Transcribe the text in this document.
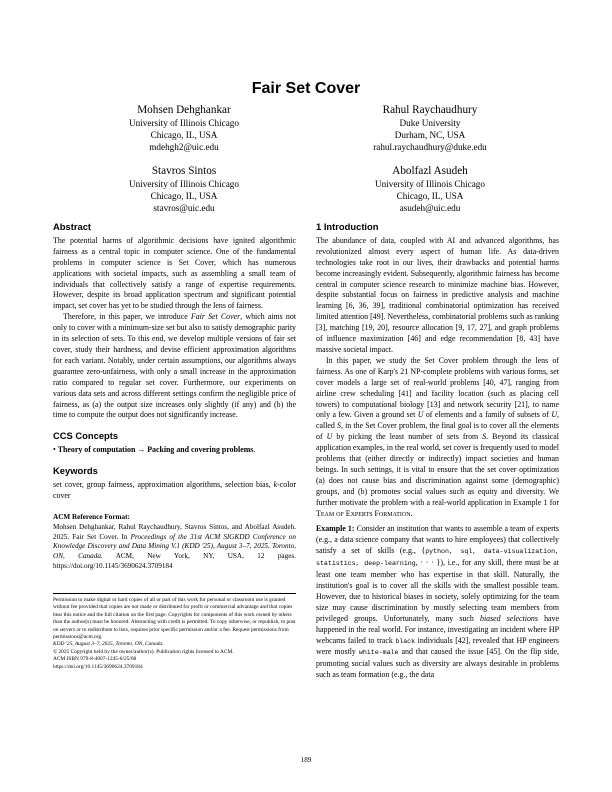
Fair Set Cover
Mohsen Dehghankar
University of Illinois Chicago
Chicago, IL, USA
mdehgh2@uic.edu
Rahul Raychaudhury
Duke University
Durham, NC, USA
rahul.raychaudhury@duke.edu
Stavros Sintos
University of Illinois Chicago
Chicago, IL, USA
stavros@uic.edu
Abolfazl Asudeh
University of Illinois Chicago
Chicago, IL, USA
asudeh@uic.edu

Abstract

The potential harms of algorithmic decisions have ignited algorithmic fairness as a central topic in computer science. One of the fundamental problems in computer science is Set Cover, which has numerous applications with societal impacts, such as assembling a small team of individuals that collectively satisfy a range of expertise requirements. However, despite its broad application spectrum and significant potential impact, set cover has yet to be studied through the lens of fairness.

Therefore, in this paper, we introduce Fair Set Cover, which aims not only to cover with a minimum-size set but also to satisfy demographic parity in its selection of sets. To this end, we develop multiple versions of fair set cover, study their hardness, and devise efficient approximation algorithms for each variant. Notably, under certain assumptions, our algorithms always guarantee zero-unfairness, with only a small increase in the approximation ratio compared to regular set cover. Furthermore, our experiments on various data sets and across different settings confirm the negligible price of fairness, as (a) the output size increases only slightly (if any) and (b) the time to compute the output does not significantly increase.

CCS Concepts

• Theory of computation → Packing and covering problems.

Keywords

set cover, group fairness, approximation algorithms, selection bias, k-color cover

ACM Reference Format:

Mohsen Dehghankar, Rahul Raychaudhury, Stavros Sintos, and Abolfazl Asudeh. 2025. Fair Set Cover. In Proceedings of the 31st ACM SIGKDD Conference on Knowledge Discovery and Data Mining V.1 (KDD '25), August 3–7, 2025, Toronto, ON, Canada. ACM, New York, NY, USA, 12 pages. https://doi.org/10.1145/3690624.3709184

Permission to make digital or hard copies of all or part of this work for personal or classroom use is granted without fee provided that copies are not made or distributed for profit or commercial advantage and that copies bear this notice and the full citation on the first page. Copyrights for components of this work owned by others than the author(s) must be honored. Abstracting with credit is permitted. To copy otherwise, or republish, to post on servers or to redistribute to lists, requires prior specific permission and/or a fee. Request permissions from permissions@acm.org.
KDD '25, August 3–7, 2025, Toronto, ON, Canada.
© 2025 Copyright held by the owner/author(s). Publication rights licensed to ACM.
ACM ISBN 979-8-4007-1245-6/25/08
https://doi.org/10.1145/3690624.3709184

1 Introduction

The abundance of data, coupled with AI and advanced algorithms, has revolutionized almost every aspect of human life. As data-driven technologies take root in our lives, their drawbacks and potential harms become increasingly evident. Subsequently, algorithmic fairness has become central in computer science research to minimize machine bias. However, despite substantial focus on fairness in predictive analysis and machine learning [6, 36, 39], traditional combinatorial optimization has received limited attention [49]. Nevertheless, combinatorial problems such as ranking [3], matching [19, 20], resource allocation [9, 17, 27], and graph problems of influence maximization [46] and edge recommendation [8, 43] have massive societal impact.

In this paper, we study the Set Cover problem through the lens of fairness. As one of Karp's 21 NP-complete problems with various forms, set cover models a large set of real-world problems [40, 47], ranging from airline crew scheduling [41] and facility location (such as placing cell towers) to computational biology [13] and network security [21], to name only a few. Given a ground set U of elements and a family of subsets of U, called S, in the Set Cover problem, the final goal is to cover all the elements of U by picking the least number of sets from S. Beyond its classical application examples, in the real world, set cover is frequently used to model problems that (either directly or indirectly) impact societies and human beings. In such settings, it is vital to ensure that the set cover optimization (a) does not cause bias and discrimination against some (demographic) groups, and (b) promotes social values such as equity and diversity. We further motivate the problem with a real-world application in Example 1 for Team of Experts Formation.

Example 1: Consider an institution that wants to assemble a team of experts (e.g., a data science company that wants to hire employees) that collectively satisfy a set of skills (e.g., {python, sql, data-visualization, statistics, deep-learning, · · · }), i.e., for any skill, there must be at least one team member who has expertise in that skill. Naturally, the institution's goal is to cover all the skills with the smallest possible team. However, due to historical biases in society, solely optimizing for the team size may cause discrimination by mostly selecting team members from privileged groups. Unfortunately, many such biased selections have happened in the real world. For instance, investigating an incident where HP webcams failed to track black individuals [42], revealed that HP engineers were mostly white-male and that caused the issue [45]. On the flip side, promoting social values such as diversity are always desirable in problems such as team formation (e.g., the data

189
